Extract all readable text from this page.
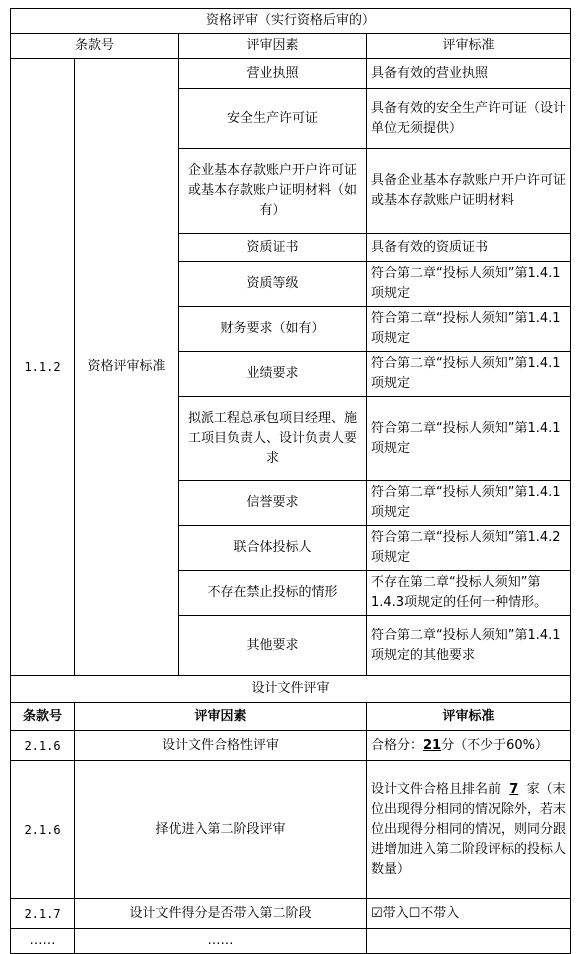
资格评审（实行资格后审的）			
条款号		评审因素	评审标准
1.1.2	资格评审标准	营业执照	具备有效的营业执照
		安全生产许可证	具备有效的安全生产许可证（设计单位无须提供）
		企业基本存款账户开户许可证或基本存款账户证明材料（如有）	具备企业基本存款账户开户许可证或基本存款账户证明材料
		资质证书	具备有效的资质证书
		资质等级	符合第二章“投标人须知”第1.4.1项规定
		财务要求（如有）	符合第二章“投标人须知”第1.4.1项规定
		业绩要求	符合第二章“投标人须知”第1.4.1项规定
		拟派工程总承包项目经理、施工项目负责人、设计负责人要求	符合第二章“投标人须知”第1.4.1项规定
		信誉要求	符合第二章“投标人须知”第1.4.1项规定
		联合体投标人	符合第二章“投标人须知”第1.4.2项规定
		不存在禁止投标的情形	不存在第二章“投标人须知”第1.4.3项规定的任何一种情形。
		其他要求	符合第二章“投标人须知”第1.4.1项规定的其他要求
设计文件评审			
条款号	评审因素		评审标准
2.1.6	设计文件合格性评审		合格分：21分（不少于60%）
2.1.6	择优进入第二阶段评审		设计文件合格且排名前 7 家（末位出现得分相同的情况除外，若末位出现得分相同的情况，则同分跟进增加进入第二阶段评标的投标人数量）
2.1.7	设计文件得分是否带入第二阶段		☑带入☐不带入
……	……		
